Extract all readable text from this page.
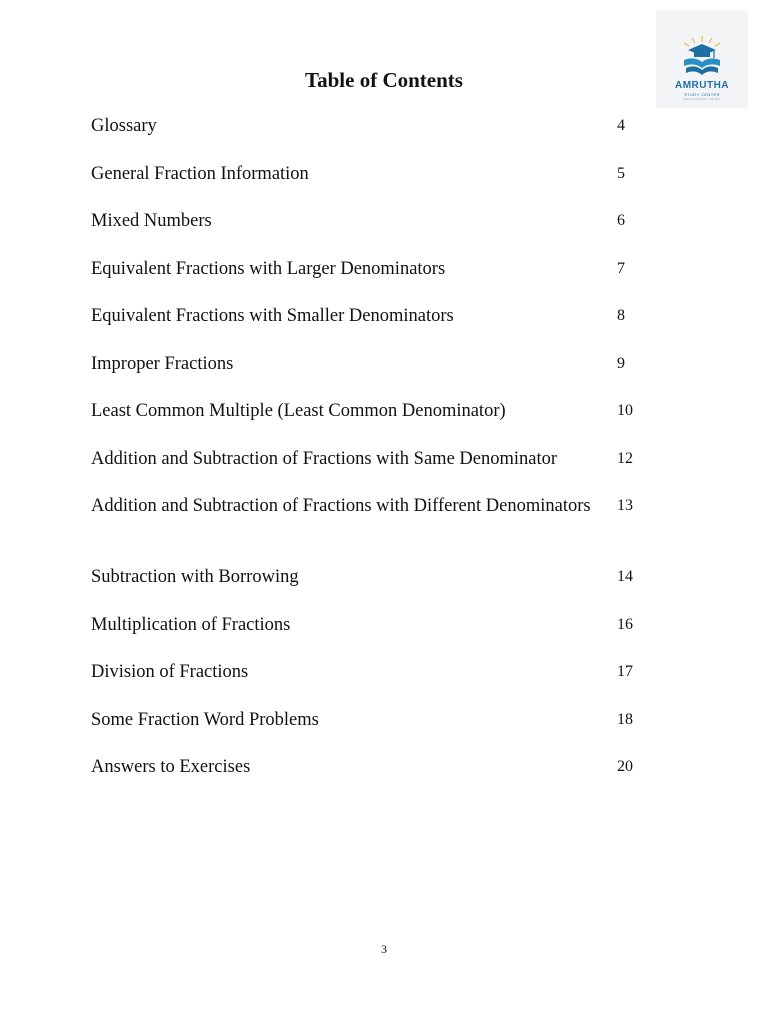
AMRUTHA
STUDY CENTER
EDUCATIONAL TRUST
Table of Contents
Glossary	4
General Fraction Information	5
Mixed Numbers	6
Equivalent Fractions with Larger Denominators	7
Equivalent Fractions with Smaller Denominators	8
Improper Fractions	9
Least Common Multiple (Least Common Denominator)	10
Addition and Subtraction of Fractions with Same Denominator	12
Addition and Subtraction of Fractions with Different Denominators	13
Subtraction with Borrowing	14
Multiplication of Fractions	16
Division of Fractions	17
Some Fraction Word Problems	18
Answers to Exercises	20
3
